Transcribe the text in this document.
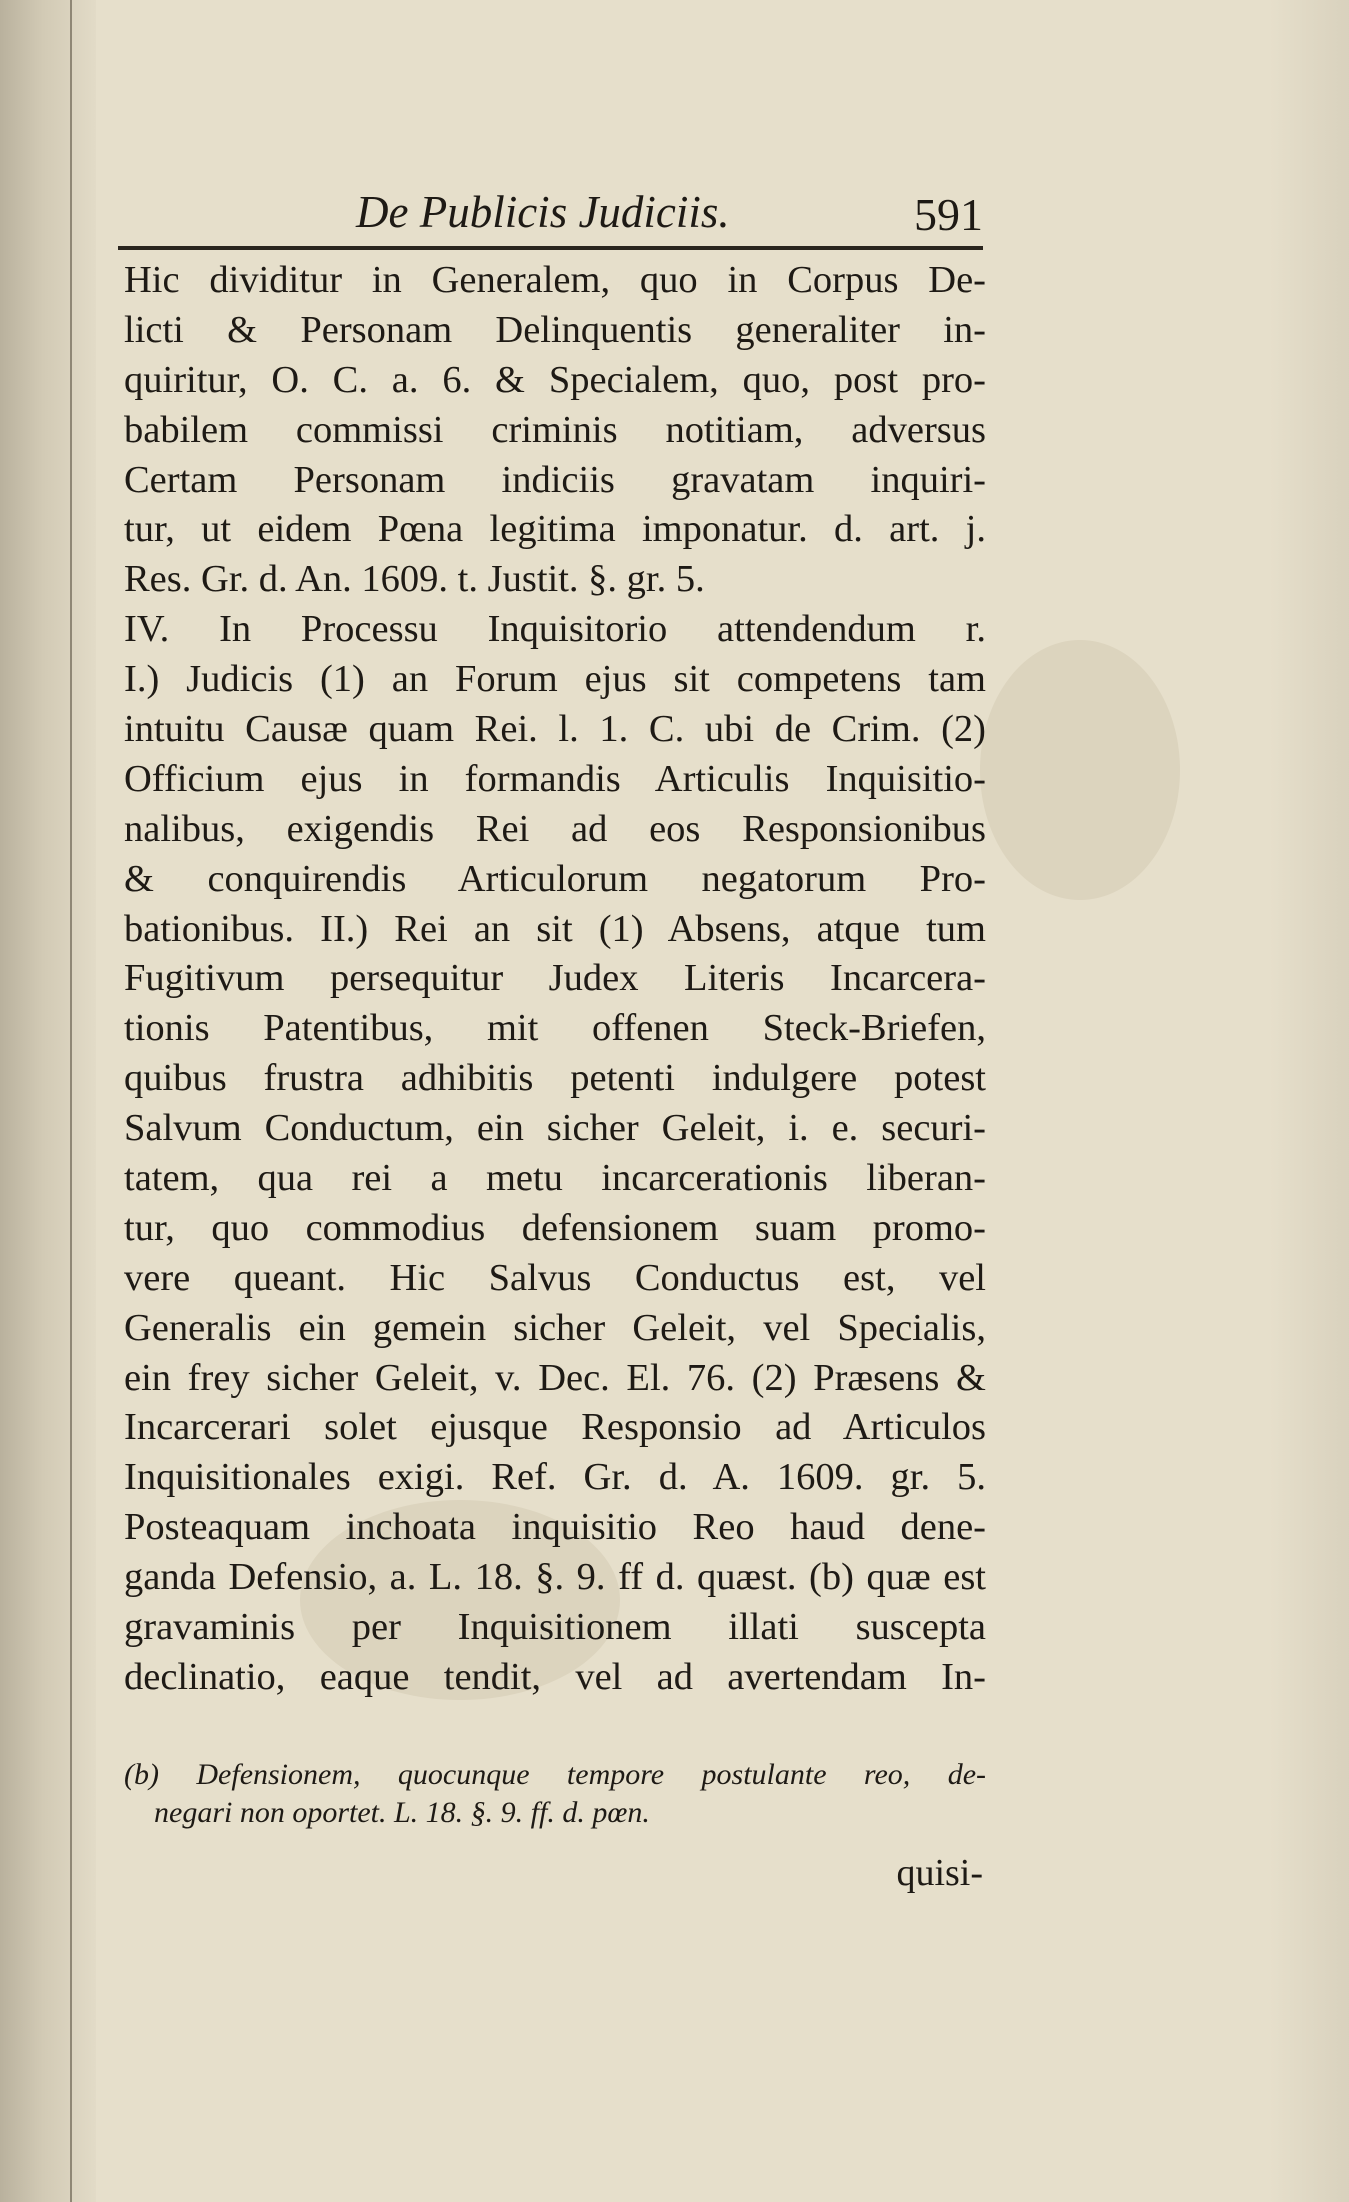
De Publicis Judiciis.	591
Hic dividitur in Generalem, quo in Corpus De-
licti & Personam Delinquentis generaliter in-
quiritur, O. C. a. 6. & Specialem, quo, post pro-
babilem commissi criminis notitiam, adversus
Certam Personam indiciis gravatam inquiri-
tur, ut eidem Pœna legitima imponatur. d. art. j.
Res. Gr. d. An. 1609. t. Justit. §. gr. 5.
IV. In Processu Inquisitorio attendendum r.
I.) Judicis (1) an Forum ejus sit competens tam
intuitu Causæ quam Rei. l. 1. C. ubi de Crim. (2)
Officium ejus in formandis Articulis Inquisitio-
nalibus, exigendis Rei ad eos Responsionibus
& conquirendis Articulorum negatorum Pro-
bationibus. II.) Rei an sit (1) Absens, atque tum
Fugitivum persequitur Judex Literis Incarcera-
tionis Patentibus, mit offenen Steck-Briefen,
quibus frustra adhibitis petenti indulgere potest
Salvum Conductum, ein sicher Geleit, i. e. securi-
tatem, qua rei a metu incarcerationis liberan-
tur, quo commodius defensionem suam promo-
vere queant. Hic Salvus Conductus est, vel
Generalis ein gemein sicher Geleit, vel Specialis,
ein frey sicher Geleit, v. Dec. El. 76. (2) Præsens &
Incarcerari solet ejusque Responsio ad Articulos
Inquisitionales exigi. Ref. Gr. d. A. 1609. gr. 5.
Posteaquam inchoata inquisitio Reo haud dene-
ganda Defensio, a. L. 18. §. 9. ff d. quæst. (b) quæ est
gravaminis per Inquisitionem illati suscepta
declinatio, eaque tendit, vel ad avertendam In-
(b) Defensionem, quocunque tempore postulante reo, de-
negari non oportet. L. 18. §. 9. ff. d. pœn.
quisi-
